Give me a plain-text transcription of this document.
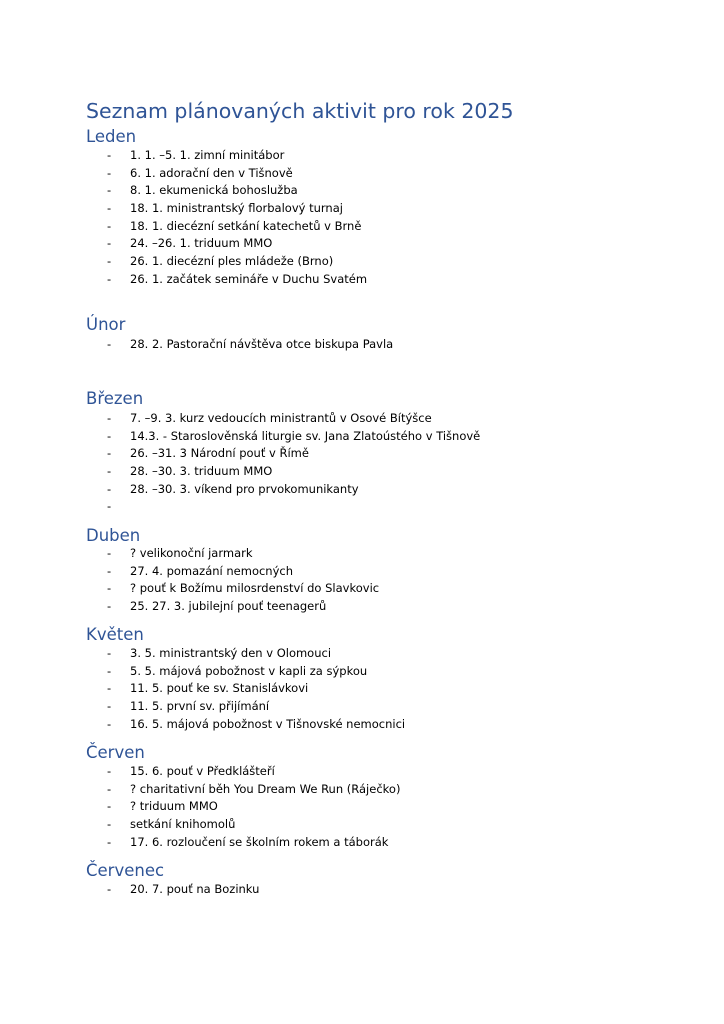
Seznam plánovaných aktivit pro rok 2025
Leden
- 1. 1. –5. 1. zimní minitábor
- 6. 1. adorační den v Tišnově
- 8. 1. ekumenická bohoslužba
- 18. 1. ministrantský florbalový turnaj
- 18. 1. diecézní setkání katechetů v Brně
- 24. –26. 1. triduum MMO
- 26. 1. diecézní ples mládeže (Brno)
- 26. 1. začátek semináře v Duchu Svatém
Únor
- 28. 2. Pastorační návštěva otce biskupa Pavla
Březen
- 7. –9. 3. kurz vedoucích ministrantů v Osové Bítýšce
- 14.3. - Staroslověnská liturgie sv. Jana Zlatoústého v Tišnově
- 26. –31. 3 Národní pouť v Římě
- 28. –30. 3. triduum MMO
- 28. –30. 3. víkend pro prvokomunikanty
-
Duben
- ? velikonoční jarmark
- 27. 4. pomazání nemocných
- ? pouť k Božímu milosrdenství do Slavkovic
- 25. 27. 3. jubilejní pouť teenagerů
Květen
- 3. 5. ministrantský den v Olomouci
- 5. 5. májová pobožnost v kapli za sýpkou
- 11. 5. pouť ke sv. Stanislávkovi
- 11. 5. první sv. přijímání
- 16. 5. májová pobožnost v Tišnovské nemocnici
Červen
- 15. 6. pouť v Předklášteří
- ? charitativní běh You Dream We Run (Ráječko)
- ? triduum MMO
- setkání knihomolů
- 17. 6. rozloučení se školním rokem a táborák
Červenec
- 20. 7. pouť na Bozinku
